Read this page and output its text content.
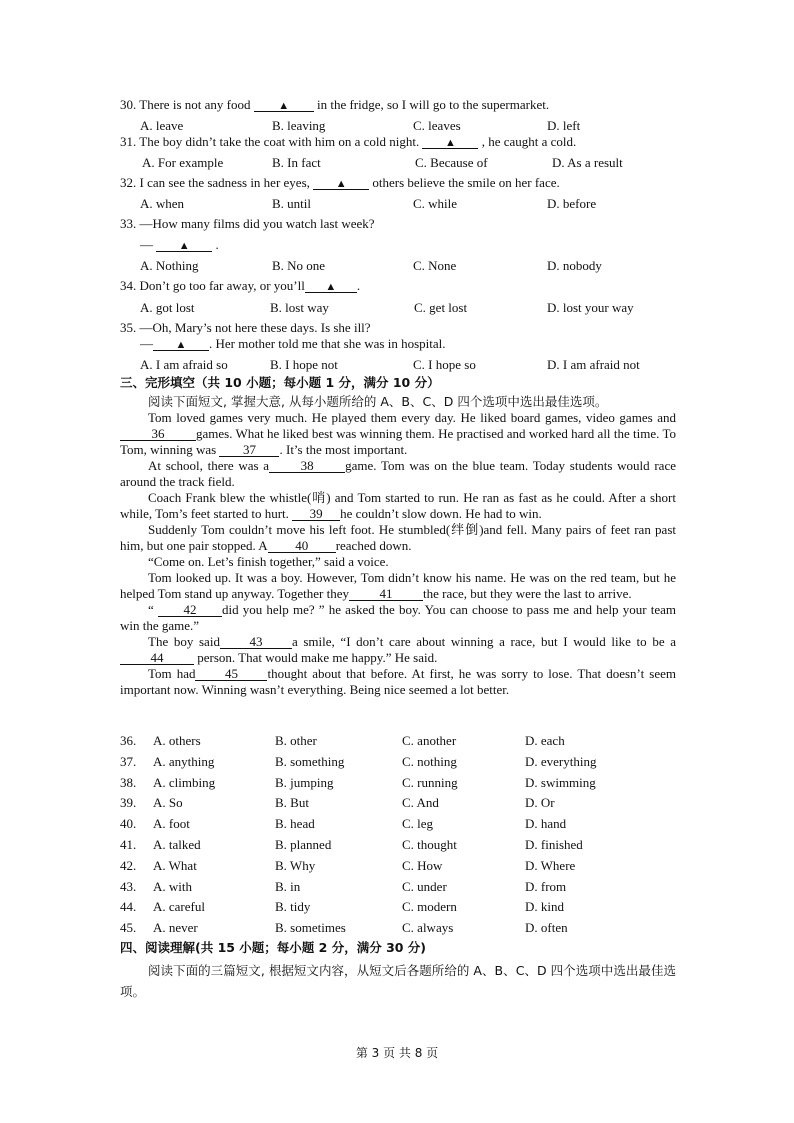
30. There is not any food	▲ in the fridge, so I will go to the supermarket.
A. leave	B. leaving	C. leaves	D. left
31. The boy didn’t take the coat with him on a cold night. ▲ , he caught a cold.
A. For example	B. In fact	C. Because of	D. As a result
32. I can see the sadness in her eyes, ▲ others believe the smile on her face.
A. when	B. until	C. while	D. before
33. —How many films did you watch last week?
— ▲ .
A. Nothing	B. No one	C. None	D. nobody
34. Don’t go too far away, or you’ll ▲ .
A. got lost	B. lost way	C. get lost	D. lost your way
35. —Oh, Mary’s not here these days. Is she ill?
— ▲ . Her mother told me that she was in hospital.
A. I am afraid so	B. I hope not	C. I hope so	D. I am afraid not
三、完形填空（共 10 小题；每小题 1 分，满分 10 分）
阅读下面短文, 掌握大意, 从每小题所给的 A、B、C、D 四个选项中选出最佳选项。

Tom loved games very much. He played them every day. He liked board games, video games and 36 games. What he liked best was winning them. He practised and worked hard all the time. To Tom, winning was 37 . It’s the most important.

At school, there was a 38 game. Tom was on the blue team. Today students would race around the track field.

Coach Frank blew the whistle(哨) and Tom started to run. He ran as fast as he could. After a short while, Tom’s feet started to hurt. 39 he couldn’t slow down. He had to win.

Suddenly Tom couldn’t move his left foot. He stumbled(绊倒)and fell. Many pairs of feet ran past him, but one pair stopped. A 40 reached down.

“Come on. Let’s finish together,” said a voice.

Tom looked up. It was a boy. However, Tom didn’t know his name. He was on the red team, but he helped Tom stand up anyway. Together they 41 the race, but they were the last to arrive.

“ 42 did you help me? ” he asked the boy. You can choose to pass me and help your team win the game.”

The boy said 43 a smile, “I don’t care about winning a race, but I would like to be a 44	person. That would make me happy.” He said.

Tom had 45 thought about that before. At first, he was sorry to lose. That doesn’t seem important now. Winning wasn’t everything. Being nice seemed a lot better.

36. A. others	B. other	C. another	D. each
37. A. anything	B. something	C. nothing	D. everything
38. A. climbing	B. jumping	C. running	D. swimming
39. A. So	B. But	C. And	D. Or
40. A. foot	B. head	C. leg	D. hand
41. A. talked	B. planned	C. thought	D. finished
42. A. What	B. Why	C. How	D. Where
43. A. with	B. in	C. under	D. from
44. A. careful	B. tidy	C. modern	D. kind
45. A. never	B. sometimes	C. always	D. often
四、阅读理解(共 15 小题；每小题 2 分，满分 30 分)

阅读下面的三篇短文, 根据短文内容，从短文后各题所给的 A、B、C、D 四个选项中选出最佳选项。

第 3 页 共 8 页
